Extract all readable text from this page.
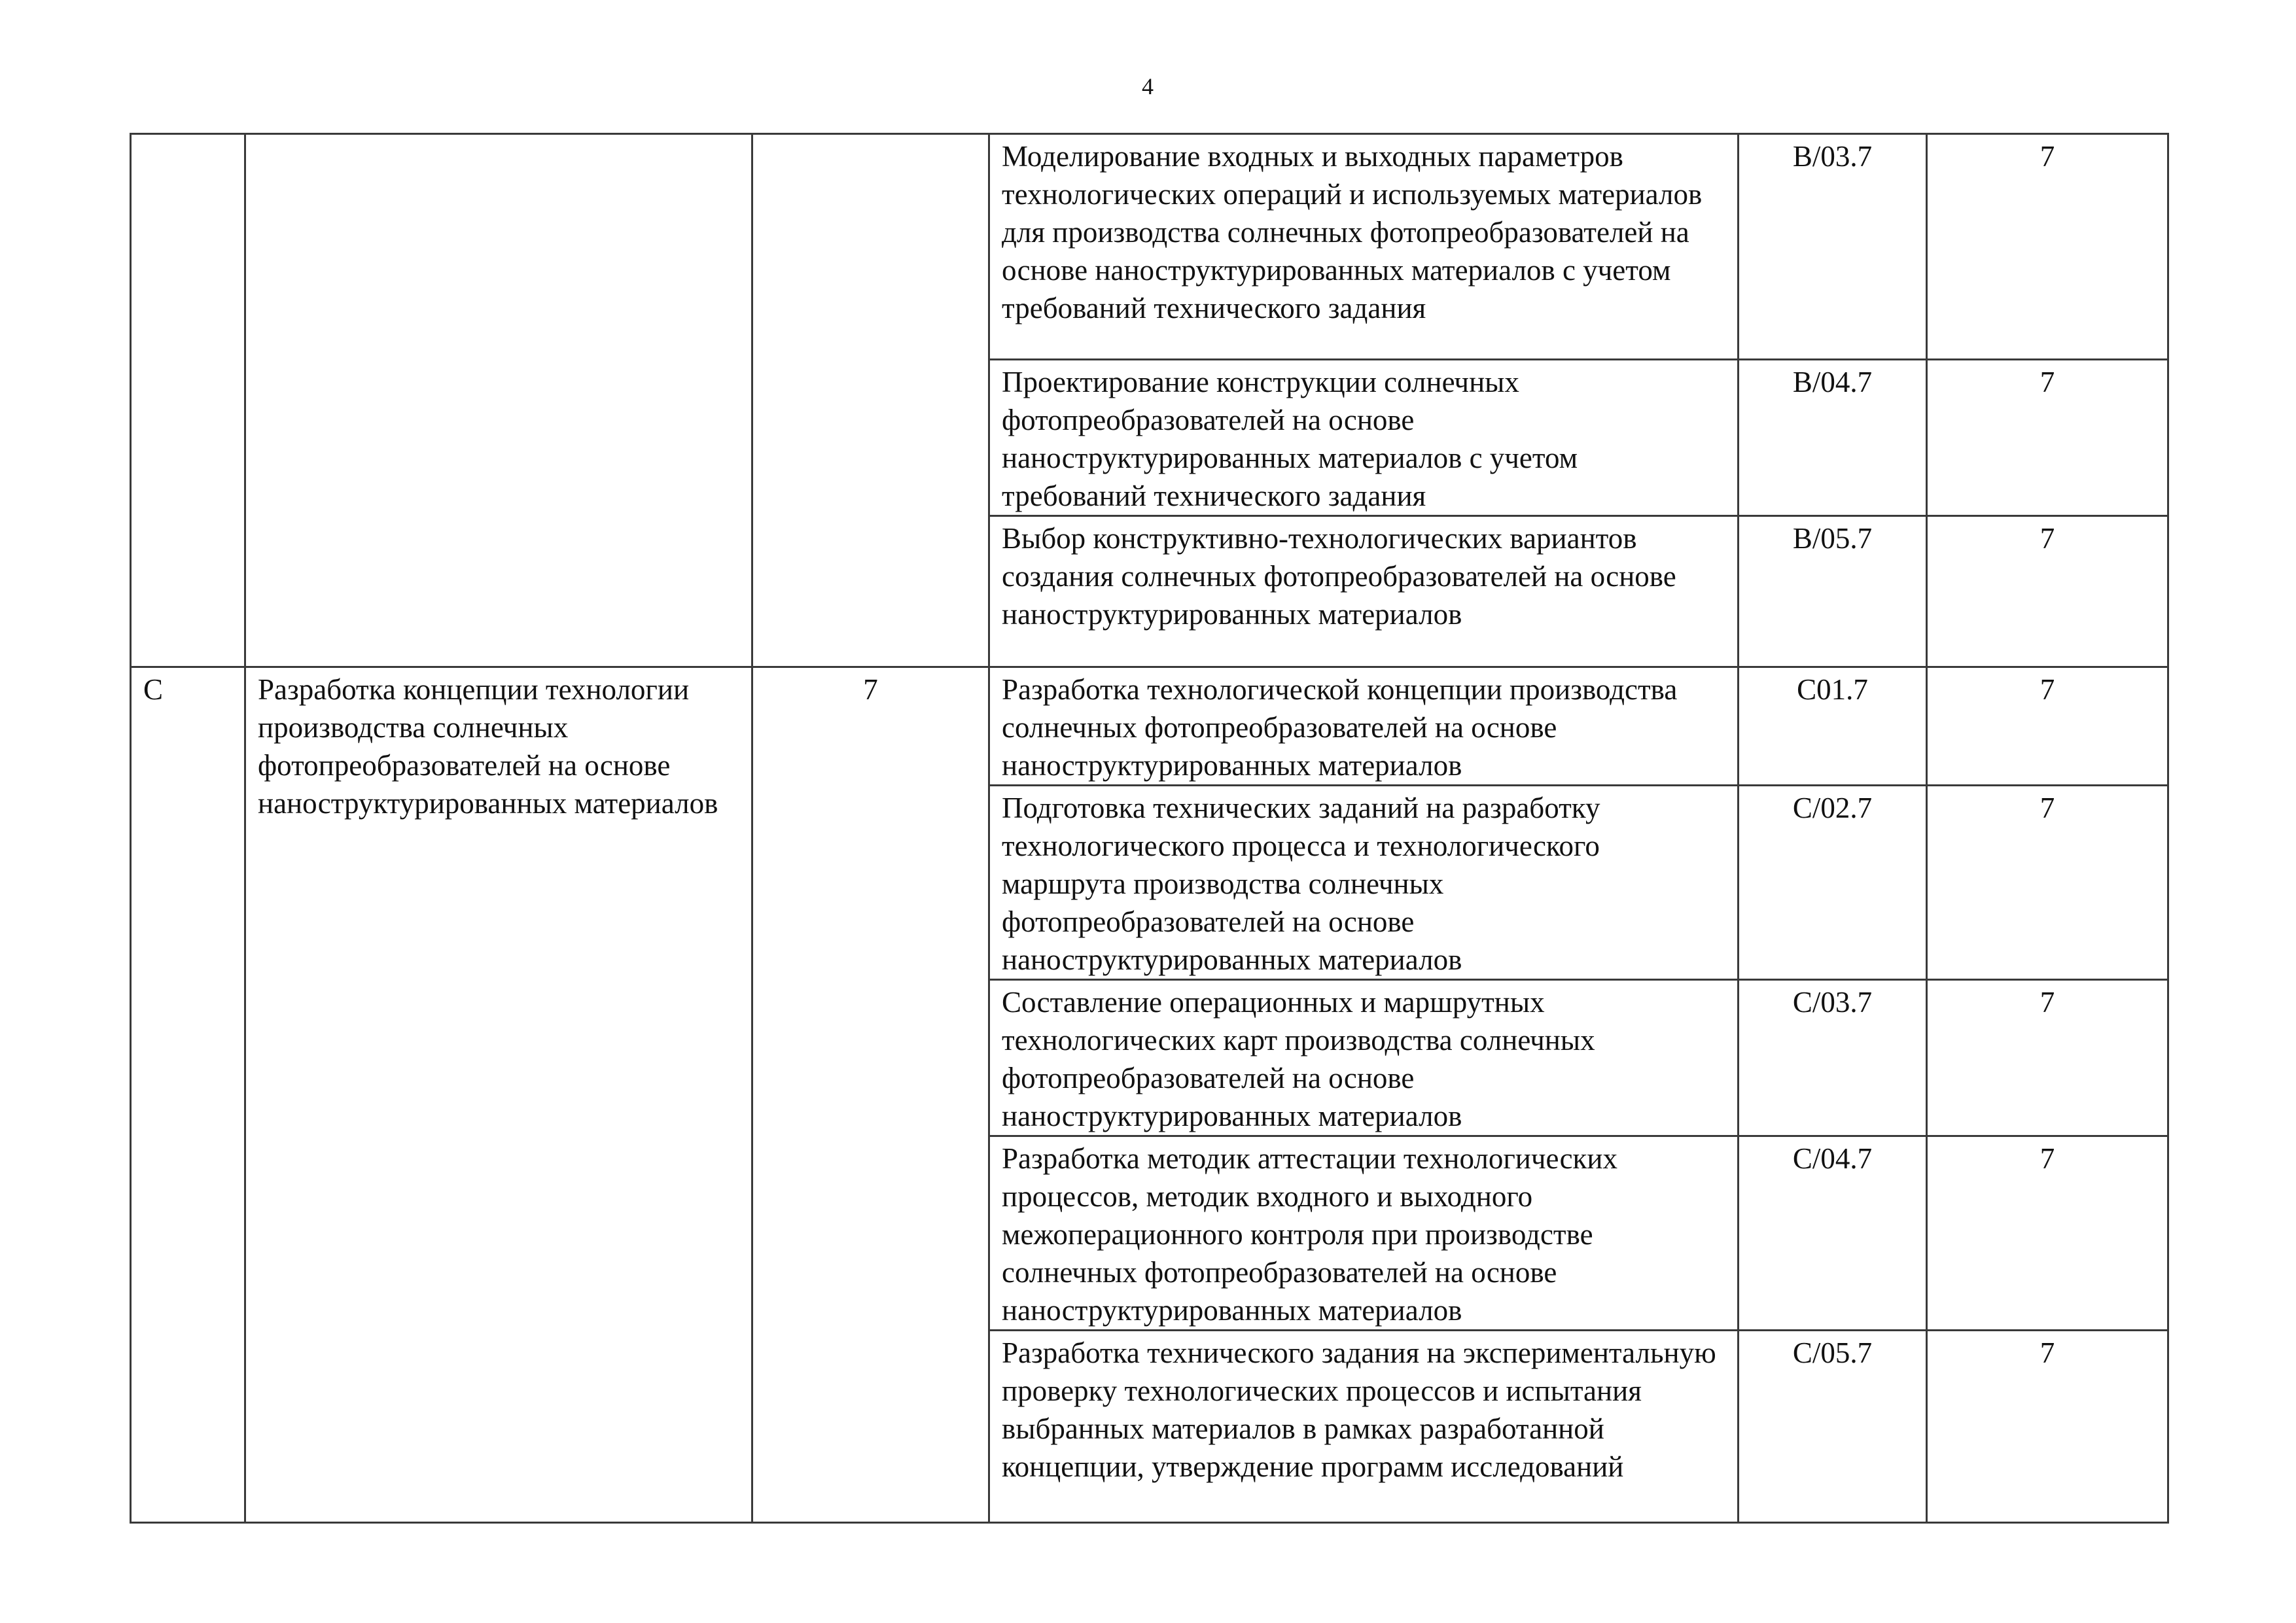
4
			Моделирование входных и выходных параметров технологических операций и используемых материалов для производства солнечных фотопреобразователей на основе наноструктурированных материалов с учетом требований технического задания	B/03.7	7
			Проектирование конструкции солнечных фотопреобразователей на основе наноструктурированных материалов с учетом требований технического задания	B/04.7	7
			Выбор конструктивно-технологических вариантов создания солнечных фотопреобразователей на основе наноструктурированных материалов	B/05.7	7
C	Разработка концепции технологии производства солнечных фотопреобразователей на основе наноструктурированных материалов	7	Разработка технологической концепции производства солнечных фотопреобразователей на основе наноструктурированных материалов	C01.7	7
			Подготовка технических заданий на разработку технологического процесса и технологического маршрута производства солнечных фотопреобразователей на основе наноструктурированных материалов	C/02.7	7
			Составление операционных и маршрутных технологических карт производства солнечных фотопреобразователей на основе наноструктурированных материалов	C/03.7	7
			Разработка методик аттестации технологических процессов, методик входного и выходного межоперационного контроля при производстве солнечных фотопреобразователей на основе наноструктурированных материалов	C/04.7	7
			Разработка технического задания на экспериментальную проверку технологических процессов и испытания выбранных материалов в рамках разработанной концепции, утверждение программ исследований	C/05.7	7
